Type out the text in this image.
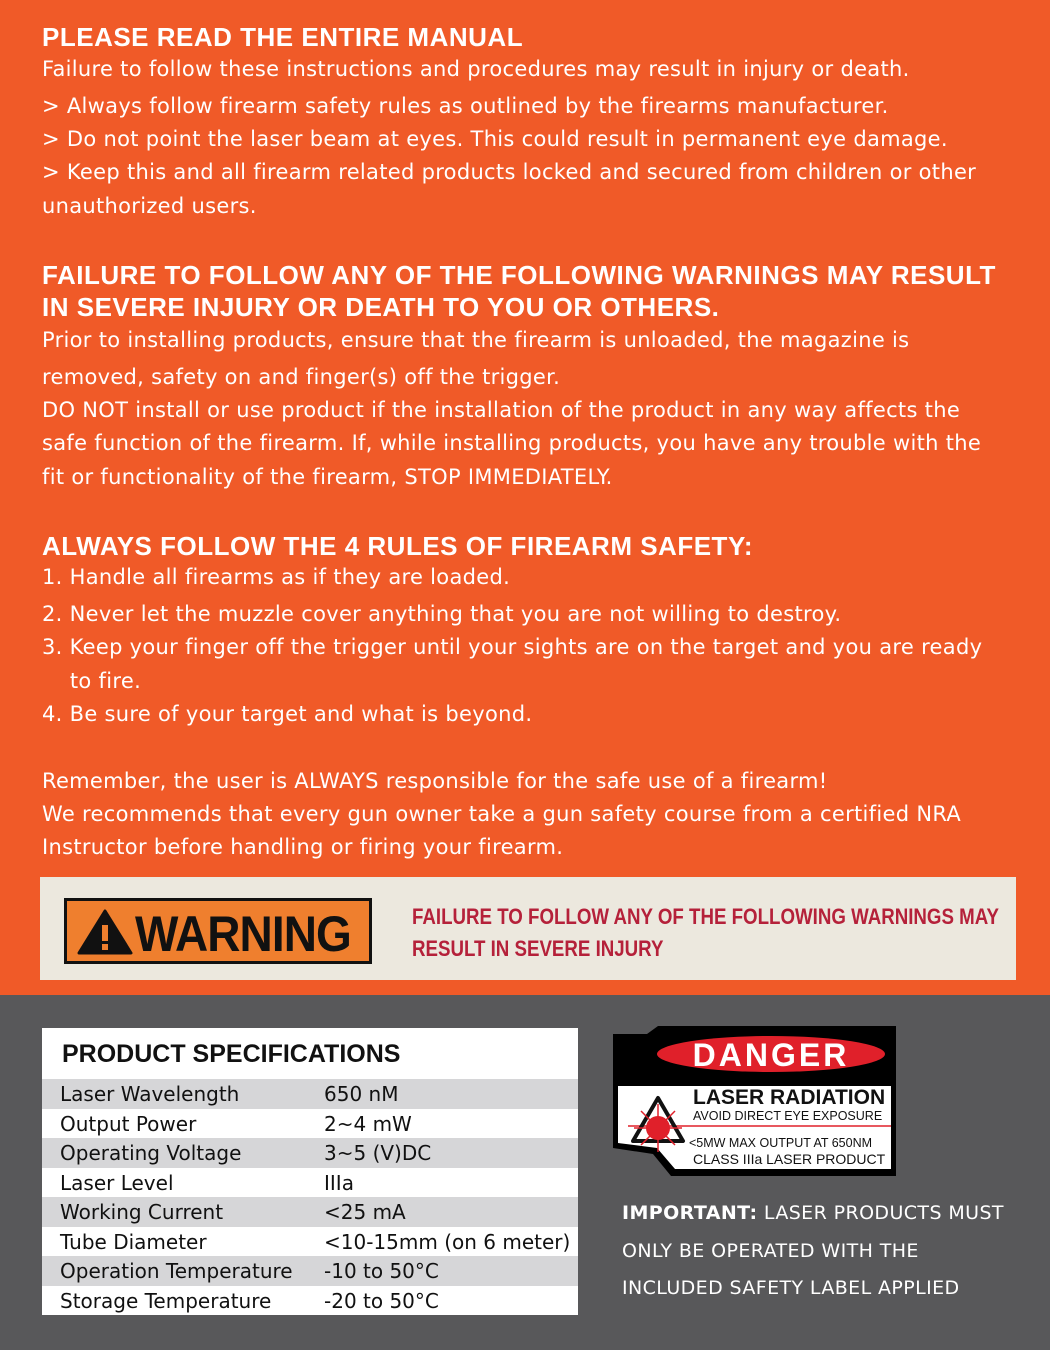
PLEASE READ THE ENTIRE MANUAL
Failure to follow these instructions and procedures may result in injury or death.
> Always follow firearm safety rules as outlined by the firearms manufacturer.
> Do not point the laser beam at eyes. This could result in permanent eye damage.
> Keep this and all firearm related products locked and secured from children or other
unauthorized users.
FAILURE TO FOLLOW ANY OF THE FOLLOWING WARNINGS MAY RESULT
IN SEVERE INJURY OR DEATH TO YOU OR OTHERS.
Prior to installing products, ensure that the firearm is unloaded, the magazine is
removed, safety on and finger(s) off the trigger.
DO NOT install or use product if the installation of the product in any way affects the
safe function of the firearm. If, while installing products, you have any trouble with the
fit or functionality of the firearm, STOP IMMEDIATELY.
ALWAYS FOLLOW THE 4 RULES OF FIREARM SAFETY:
1. Handle all firearms as if they are loaded.
2. Never let the muzzle cover anything that you are not willing to destroy.
3. Keep your finger off the trigger until your sights are on the target and you are ready
to fire.
4. Be sure of your target and what is beyond.
Remember, the user is ALWAYS responsible for the safe use of a firearm!
We recommends that every gun owner take a gun safety course from a certified NRA
Instructor before handling or firing your firearm.
WARNING	FAILURE TO FOLLOW ANY OF THE FOLLOWING WARNINGS MAY
RESULT IN SEVERE INJURY
PRODUCT SPECIFICATIONS
Laser Wavelength	650 nM
Output Power	2~4 mW
Operating Voltage	3~5 (V)DC
Laser Level	IIIa
Working Current	<25 mA
Tube Diameter	<10-15mm (on 6 meter)
Operation Temperature -10 to 50°C
Storage Temperature	-20 to 50°C
DANGER
LASER RADIATION
AVOID DIRECT EYE EXPOSURE
<5MW MAX OUTPUT AT 650NM
CLASS IIIa LASER PRODUCT
IMPORTANT: LASER PRODUCTS MUST
ONLY BE OPERATED WITH THE
INCLUDED SAFETY LABEL APPLIED
